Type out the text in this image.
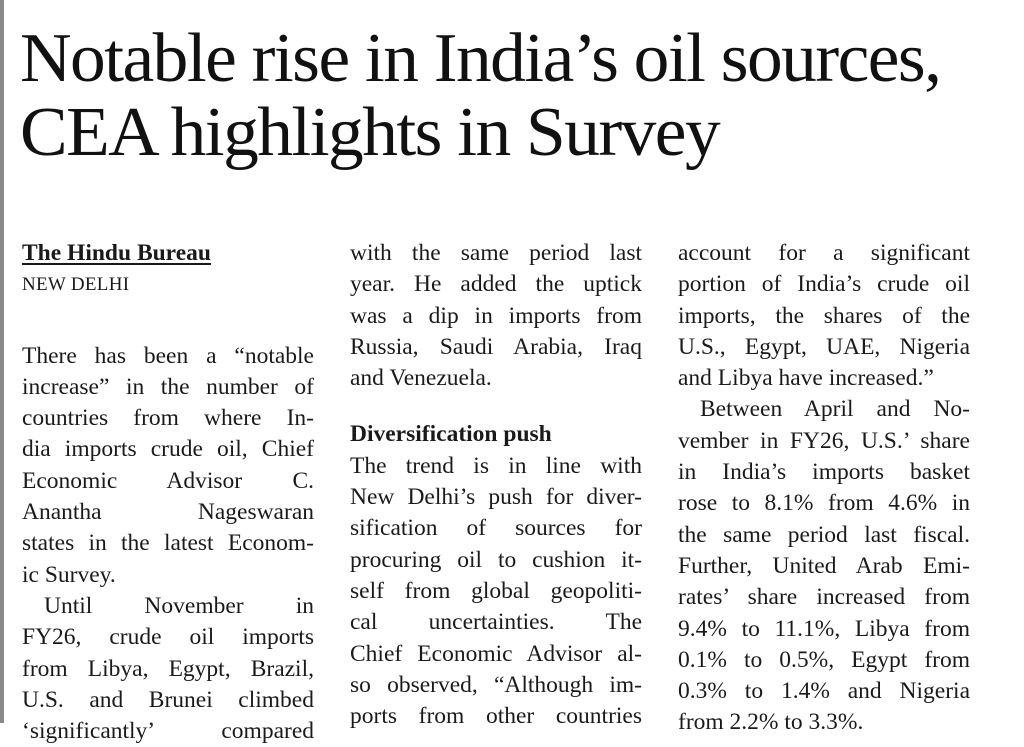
Notable rise in India’s oil sources,
CEA highlights in Survey
The Hindu Bureau
NEW DELHI
There has been a “notable
increase” in the number of
countries from where In-
dia imports crude oil, Chief
Economic Advisor C.
Anantha Nageswaran
states in the latest Econom-
ic Survey.
Until November in
FY26, crude oil imports
from Libya, Egypt, Brazil,
U.S. and Brunei climbed
‘significantly’ compared
with the same period last
year. He added the uptick
was a dip in imports from
Russia, Saudi Arabia, Iraq
and Venezuela.
Diversification push
The trend is in line with
New Delhi’s push for diver-
sification of sources for
procuring oil to cushion it-
self from global geopoliti-
cal uncertainties. The
Chief Economic Advisor al-
so observed, “Although im-
ports from other countries
account for a significant
portion of India’s crude oil
imports, the shares of the
U.S., Egypt, UAE, Nigeria
and Libya have increased.”
Between April and No-
vember in FY26, U.S.’ share
in India’s imports basket
rose to 8.1% from 4.6% in
the same period last fiscal.
Further, United Arab Emi-
rates’ share increased from
9.4% to 11.1%, Libya from
0.1% to 0.5%, Egypt from
0.3% to 1.4% and Nigeria
from 2.2% to 3.3%.
